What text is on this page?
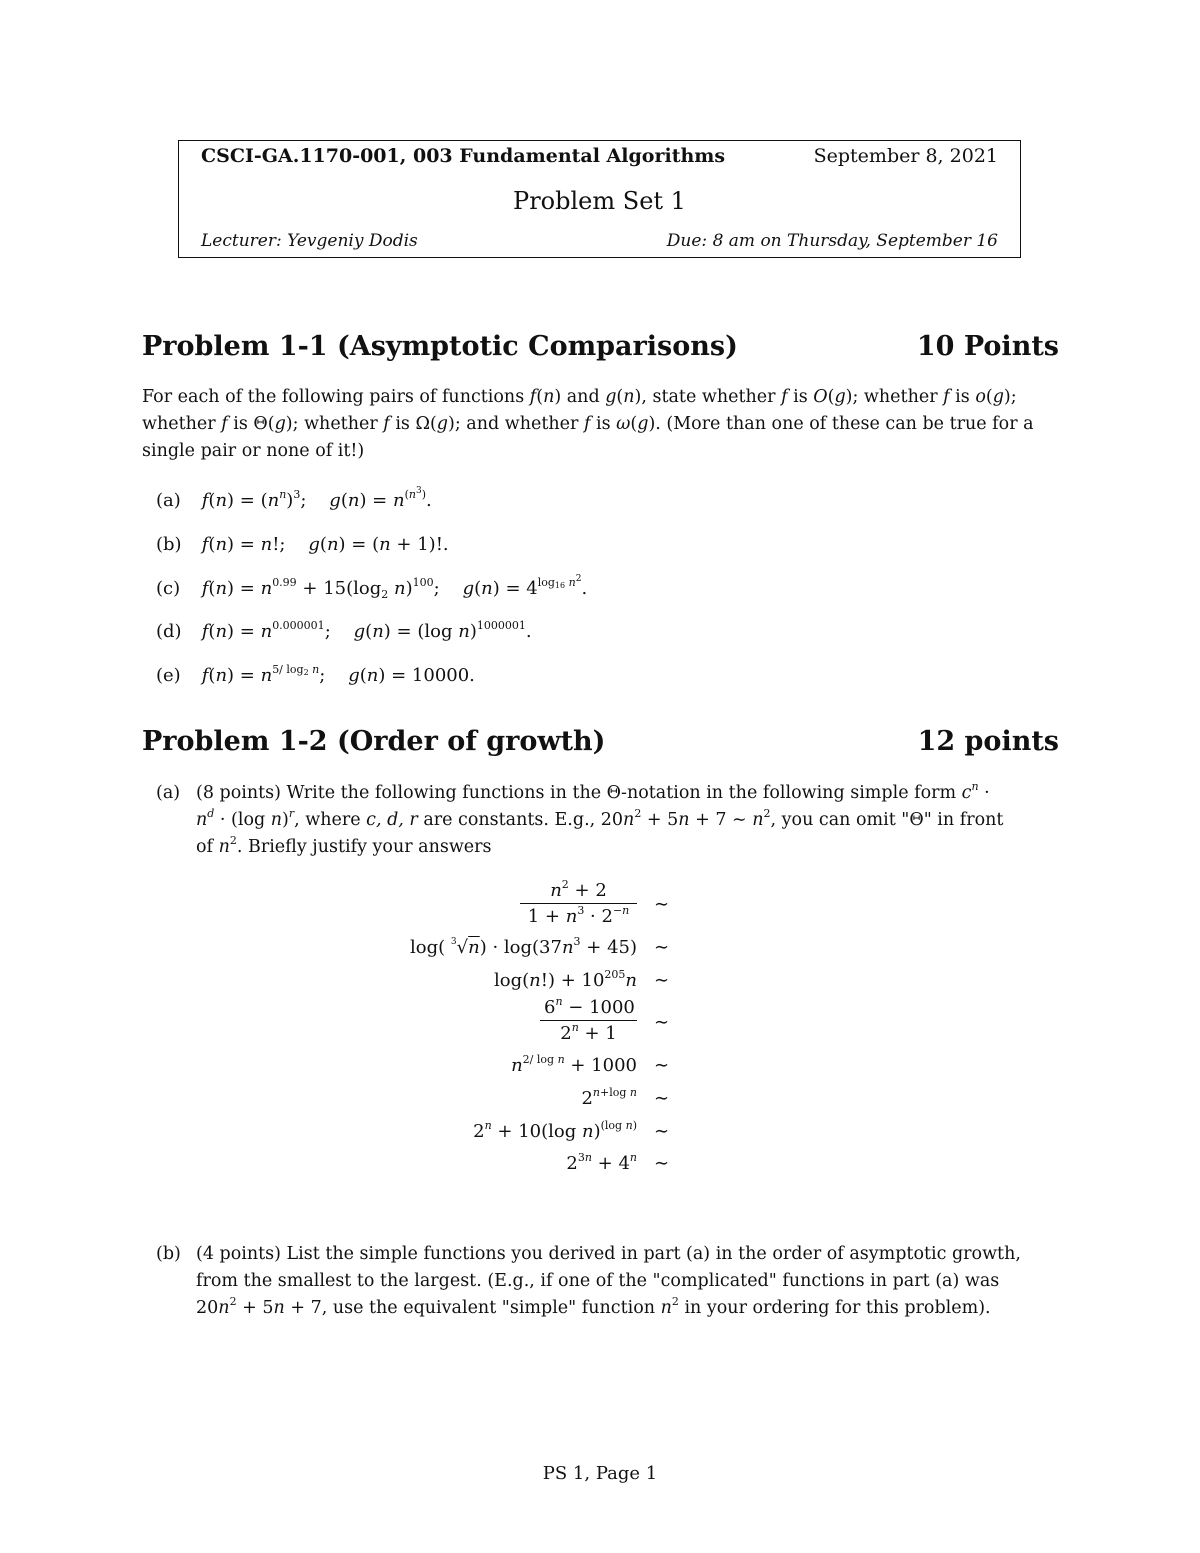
CSCI-GA.1170-001, 003 Fundamental Algorithms	September 8, 2021
Problem Set 1
Lecturer: Yevgeniy Dodis	Due: 8 am on Thursday, September 16
Problem 1-1 (Asymptotic Comparisons)	10 Points
For each of the following pairs of functions f(n) and g(n), state whether f is O(g); whether f is o(g); whether f is Θ(g); whether f is Ω(g); and whether f is ω(g). (More than one of these can be true for a single pair or none of it!)
(a) $f(n) = (n^n)^3$;    $g(n) = n^{(n^3)}$.
(b) f(n) = n!;    g(n) = (n + 1)!.
(c) $f(n) = n^{0.99} + 15(\log_2$ n)$^{100}$;    $g(n) = 4^{log_{16} n^2}$.
(d) $f(n) = n^{0.000001}$;    g(n) = (log n)$^{1000001}$.
(e) $f(n) = n^{5/ log_2 n}$;    g(n) = 10000.
Problem 1-2 (Order of growth)	12 points
(a) (8 points) Write the following functions in the Θ-notation in the following simple form $c^n$ ·
$n^d \cdot (\log$ n)$^r$, where c, d, r are constants. E.g., $20n^2 + 5n + 7$ ∼ $n^2$, you can omit "Θ" in front
of $n^2$. Briefly justify your answers
$\frac{n^2 + 2}{1 + n^3 \cdot 2^{-n}}$ ∼
log( $^3√n) \cdot \log(37n^3 + 45)$ ∼
$\log(n!) + 10^{205}n$ ∼
$\frac{6^n - 1000}{2^n + 1}$ ∼
$n^{2/ log n} + 1000$ ∼
$2^{n+log n}$ ∼
$2^n + 10(\log$ n)$^{(log n)}$ ∼
$2^{3n} + 4^n$ ∼
(b) (4 points) List the simple functions you derived in part (a) in the order of asymptotic growth,
from the smallest to the largest. (E.g., if one of the "complicated" functions in part (a) was
$20n^2 + 5n + 7$, use the equivalent "simple" function $n^2$ in your ordering for this problem).
PS 1, Page 1
